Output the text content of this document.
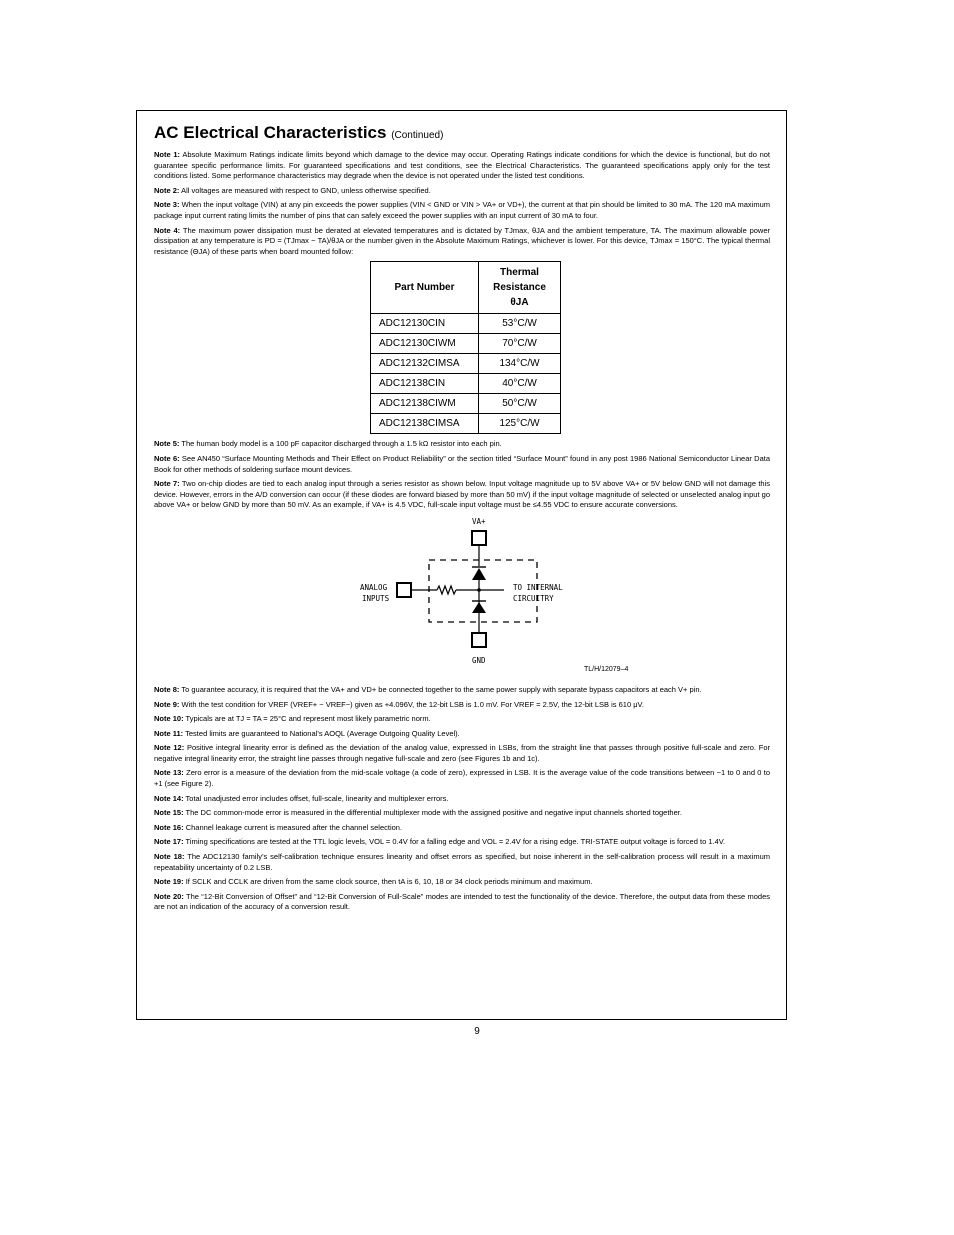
AC Electrical Characteristics (Continued)

Note 1: Absolute Maximum Ratings indicate limits beyond which damage to the device may occur. Operating Ratings indicate conditions for which the device is functional, but do not guarantee specific performance limits. For guaranteed specifications and test conditions, see the Electrical Characteristics. The guaranteed specifications apply only for the test conditions listed. Some performance characteristics may degrade when the device is not operated under the listed test conditions.

Note 2: All voltages are measured with respect to GND, unless otherwise specified.

Note 3: When the input voltage (VIN) at any pin exceeds the power supplies (VIN < GND or VIN > VA+ or VD+), the current at that pin should be limited to 30 mA. The 120 mA maximum package input current rating limits the number of pins that can safely exceed the power supplies with an input current of 30 mA to four.

Note 4: The maximum power dissipation must be derated at elevated temperatures and is dictated by TJmax, θJA and the ambient temperature, TA. The maximum allowable power dissipation at any temperature is PD = (TJmax − TA)/θJA or the number given in the Absolute Maximum Ratings, whichever is lower. For this device, TJmax = 150°C. The typical thermal resistance (ΘJA) of these parts when board mounted follow:

Part Number	Thermal
Resistance
θJA
ADC12130CIN	53°C/W
ADC12130CIWM	70°C/W
ADC12132CIMSA	134°C/W
ADC12138CIN	40°C/W
ADC12138CIWM	50°C/W
ADC12138CIMSA	125°C/W

Note 5: The human body model is a 100 pF capacitor discharged through a 1.5 kΩ resistor into each pin.

Note 6: See AN450 “Surface Mounting Methods and Their Effect on Product Reliability” or the section titled “Surface Mount” found in any post 1986 National Semiconductor Linear Data Book for other methods of soldering surface mount devices.

Note 7: Two on-chip diodes are tied to each analog input through a series resistor as shown below. Input voltage magnitude up to 5V above VA+ or 5V below GND will not damage this device. However, errors in the A/D conversion can occur (if these diodes are forward biased by more than 50 mV) if the input voltage magnitude of selected or unselected analog input go above VA+ or below GND by more than 50 mV. As an example, if VA+ is 4.5 VDC, full-scale input voltage must be ≤4.55 VDC to ensure accurate conversions.

VA+
ANALOG
INPUTS
TO INTERNAL
CIRCUITRY
GND
TL/H/12079–4

Note 8: To guarantee accuracy, it is required that the VA+ and VD+ be connected together to the same power supply with separate bypass capacitors at each V+ pin.

Note 9: With the test condition for VREF (VREF+ − VREF−) given as +4.096V, the 12-bit LSB is 1.0 mV. For VREF = 2.5V, the 12-bit LSB is 610 μV.

Note 10: Typicals are at TJ = TA = 25°C and represent most likely parametric norm.

Note 11: Tested limits are guaranteed to National’s AOQL (Average Outgoing Quality Level).

Note 12: Positive integral linearity error is defined as the deviation of the analog value, expressed in LSBs, from the straight line that passes through positive full-scale and zero. For negative integral linearity error, the straight line passes through negative full-scale and zero (see Figures 1b and 1c).

Note 13: Zero error is a measure of the deviation from the mid-scale voltage (a code of zero), expressed in LSB. It is the average value of the code transitions between −1 to 0 and 0 to +1 (see Figure 2).

Note 14: Total unadjusted error includes offset, full-scale, linearity and multiplexer errors.

Note 15: The DC common-mode error is measured in the differential multiplexer mode with the assigned positive and negative input channels shorted together.

Note 16: Channel leakage current is measured after the channel selection.

Note 17: Timing specifications are tested at the TTL logic levels, VOL = 0.4V for a falling edge and VOL = 2.4V for a rising edge. TRI-STATE output voltage is forced to 1.4V.

Note 18: The ADC12130 family’s self-calibration technique ensures linearity and offset errors as specified, but noise inherent in the self-calibration process will result in a maximum repeatability uncertainty of 0.2 LSB.

Note 19: If SCLK and CCLK are driven from the same clock source, then tA is 6, 10, 18 or 34 clock periods minimum and maximum.

Note 20: The “12-Bit Conversion of Offset” and “12-Bit Conversion of Full-Scale” modes are intended to test the functionality of the device. Therefore, the output data from these modes are not an indication of the accuracy of a conversion result.

9
